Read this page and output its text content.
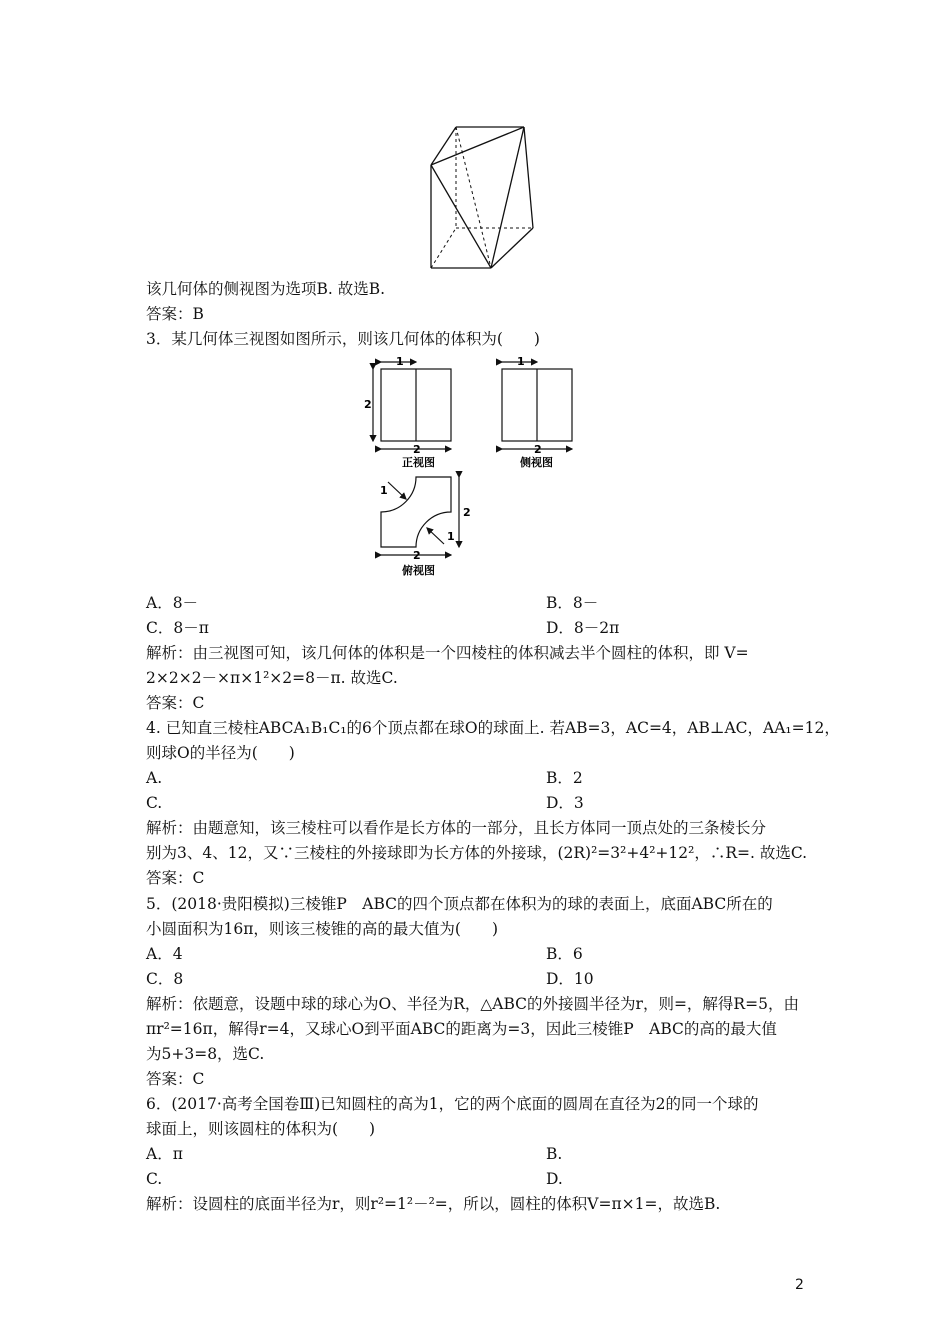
该几何体的侧视图为选项B. 故选B.
答案：B
3．某几何体三视图如图所示，则该几何体的体积为(　　)
1
2
2
正视图
1
2
侧视图
1
2
1
2
俯视图
A．8－	B．8－
C．8－π	D．8－2π
解析：由三视图可知，该几何体的体积是一个四棱柱的体积减去半个圆柱的体积，即 V=
2×2×2－×π×1²×2=8－π. 故选C.
答案：C
4. 已知直三棱柱ABCA₁B₁C₁的6个顶点都在球O的球面上. 若AB=3，AC=4，AB⊥AC，AA₁=12，
则球O的半径为(　　)
A.	B．2
C.	D．3
解析：由题意知，该三棱柱可以看作是长方体的一部分，且长方体同一顶点处的三条棱长分
别为3、4、12，又∵三棱柱的外接球即为长方体的外接球，(2R)²=3²+4²+12²，∴R=. 故选C.
答案：C
5．(2018·贵阳模拟)三棱锥P　ABC的四个顶点都在体积为的球的表面上，底面ABC所在的
小圆面积为16π，则该三棱锥的高的最大值为(　　)
A．4	B．6
C．8	D．10
解析：依题意，设题中球的球心为O、半径为R，△ABC的外接圆半径为r，则=，解得R=5，由
πr²=16π，解得r=4，又球心O到平面ABC的距离为=3，因此三棱锥P　ABC的高的最大值
为5+3=8，选C.
答案：C
6．(2017·高考全国卷Ⅲ)已知圆柱的高为1，它的两个底面的圆周在直径为2的同一个球的
球面上，则该圆柱的体积为(　　)
A．π	B.
C.	D.
解析：设圆柱的底面半径为r，则r²=1²－²=，所以，圆柱的体积V=π×1=，故选B.
2
